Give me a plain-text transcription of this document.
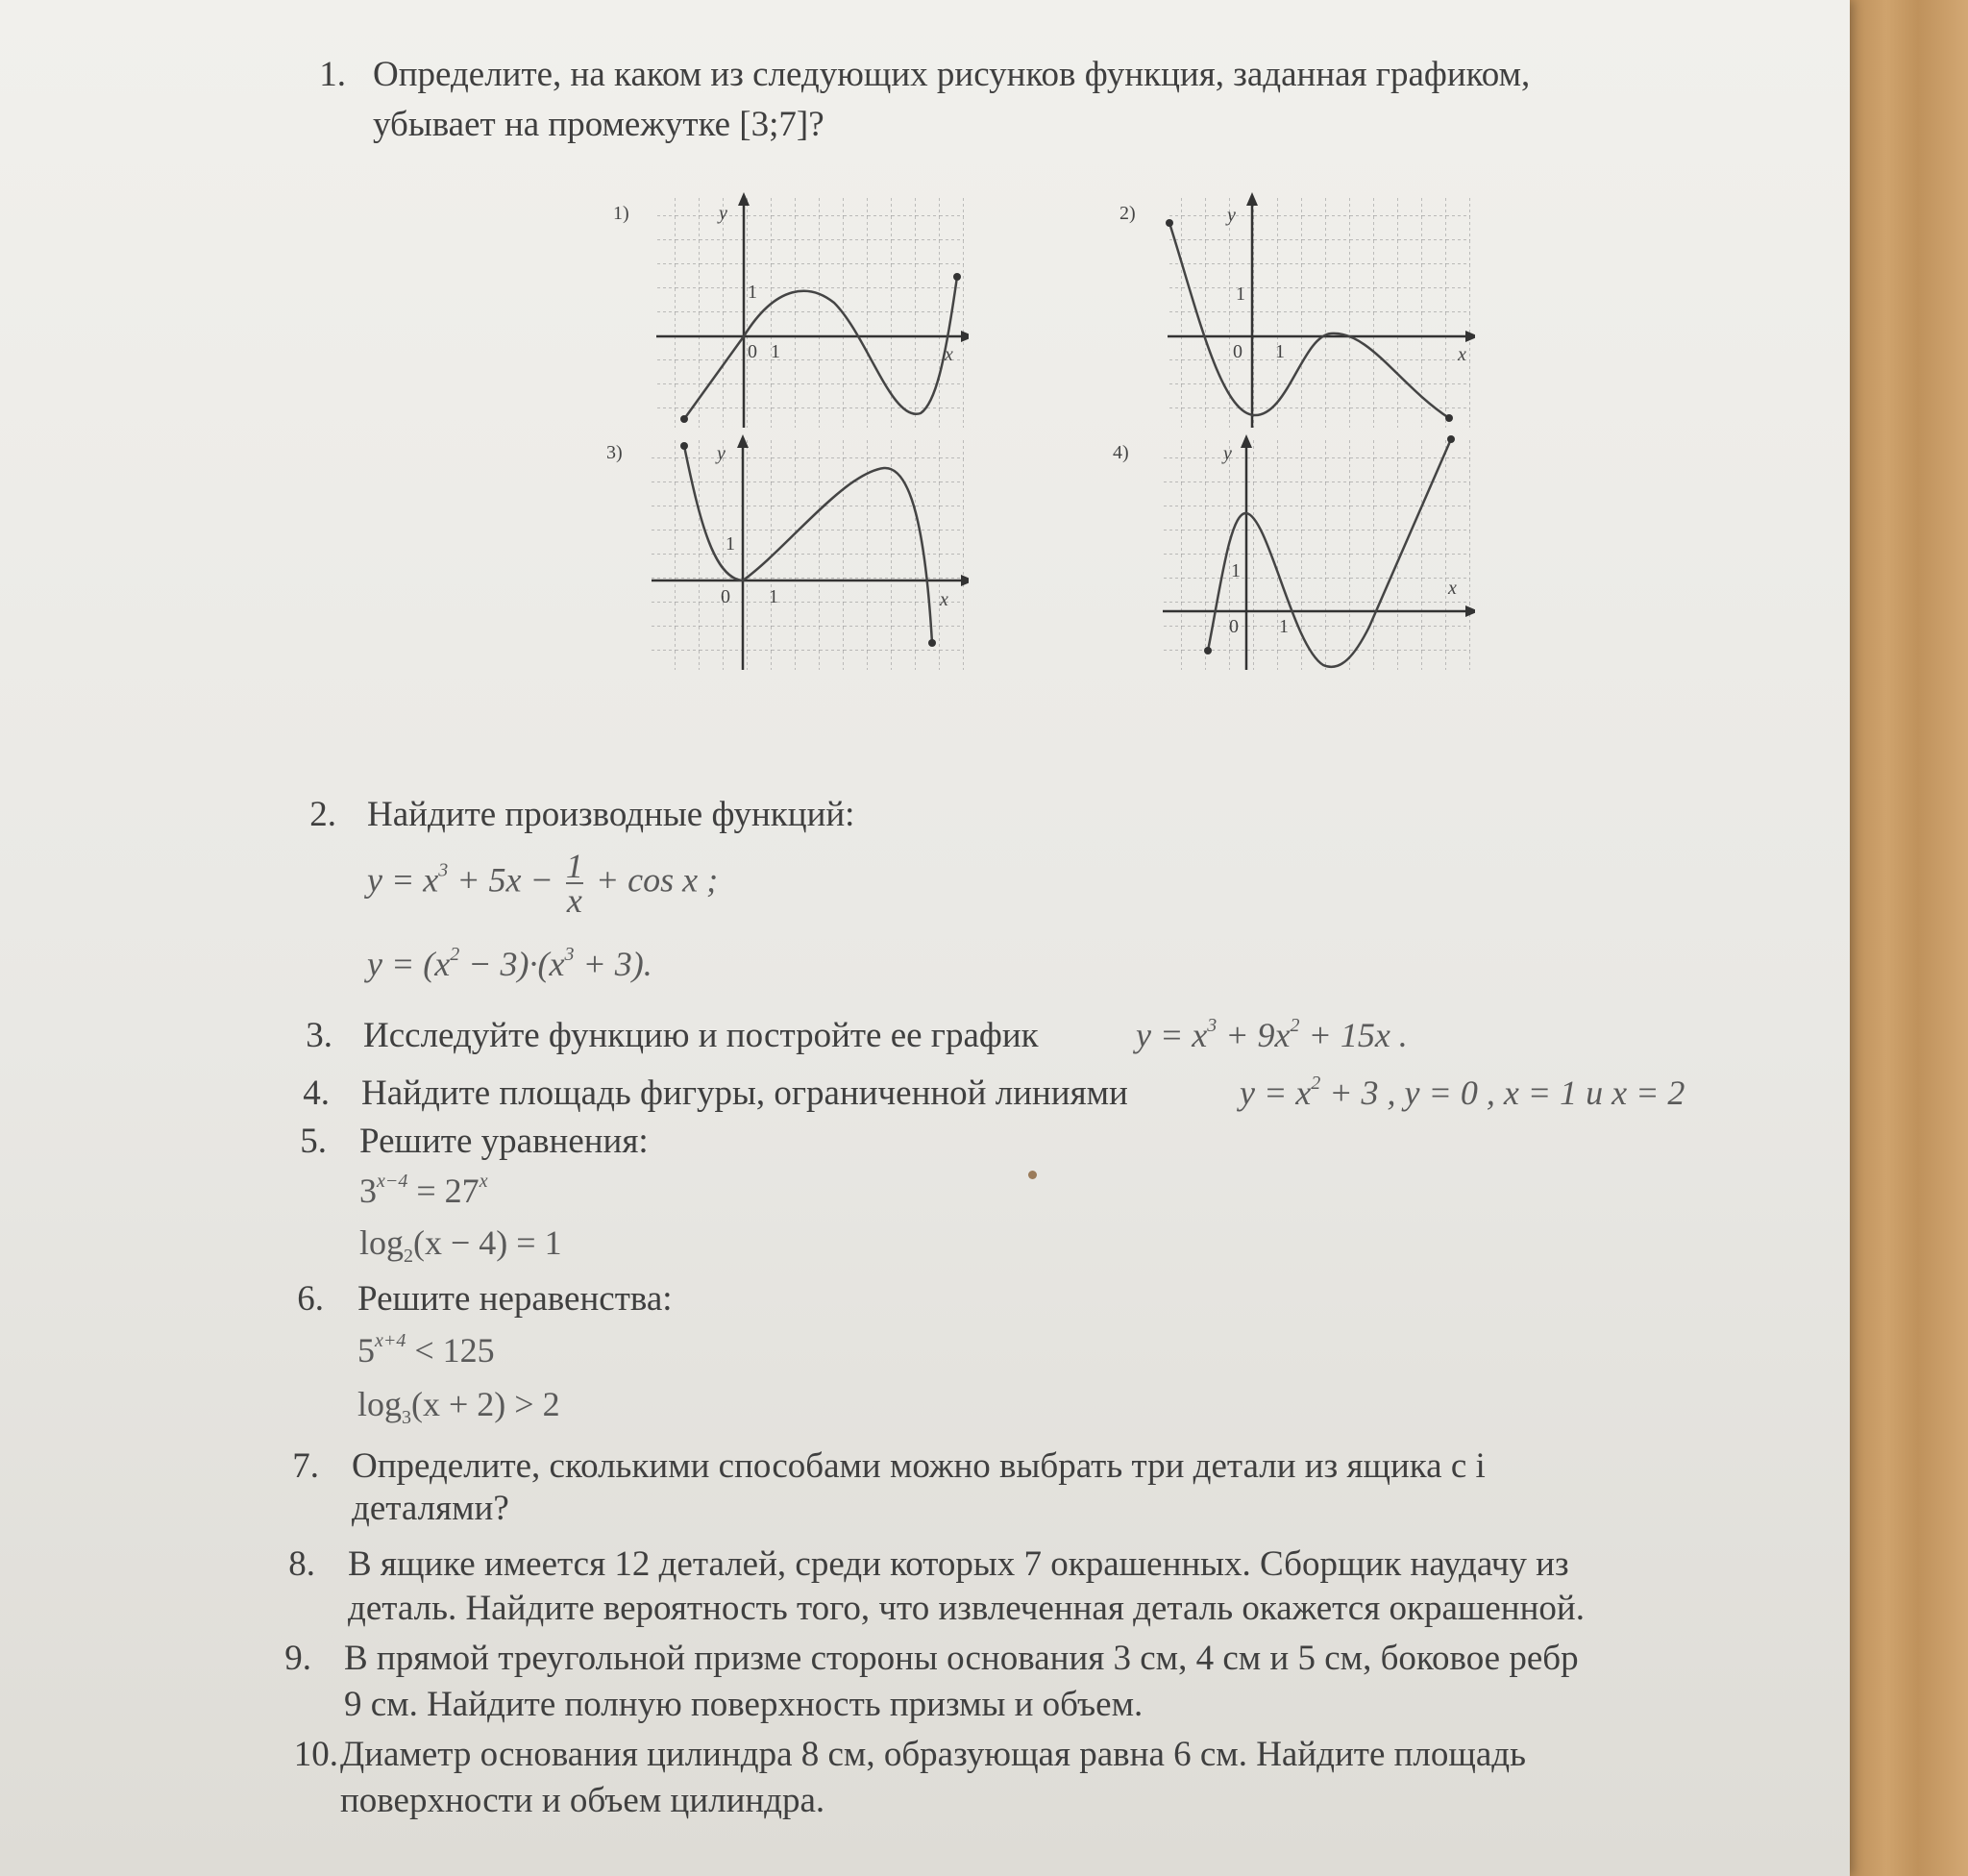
1. Определите, на каком из следующих рисунков функция, заданная графиком,
убывает на промежутке [3;7]?
1)	y
x
1
0 1
2)	y
x
1
0 1
3)	y
x
1
0 1
4)	y
x
1
0 1
2. Найдите производные функций:
$y = x^3 + 5x - \frac{1}{x} + \cos x$ ;
$y = (x^2 - 3)\cdot(x^3 + 3)$.
3. Исследуйте функцию и постройте ее график	$y = x^3 + 9x^2 + 15x$ .
4. Найдите площадь фигуры, ограниченной линиями	$y = x^2 + 3$ , y = 0 , x = 1 и x = 2
5. Решите уравнения:
$3^{x-4} = 27^x$
$\log_2(x - 4) = 1$
6. Решите неравенства:
$5^{x+4} < 125$
$\log_3(x + 2) > 2$
7. Определите, сколькими способами можно выбрать три детали из ящика с i
деталями?
8. В ящике имеется 12 деталей, среди которых 7 окрашенных. Сборщик наудачу из
деталь. Найдите вероятность того, что извлеченная деталь окажется окрашенной.
9. В прямой треугольной призме стороны основания 3 см, 4 см и 5 см, боковое ребр
9 см. Найдите полную поверхность призмы и объем.
10. Диаметр основания цилиндра 8 см, образующая равна 6 см. Найдите площадь
поверхности и объем цилиндра.
